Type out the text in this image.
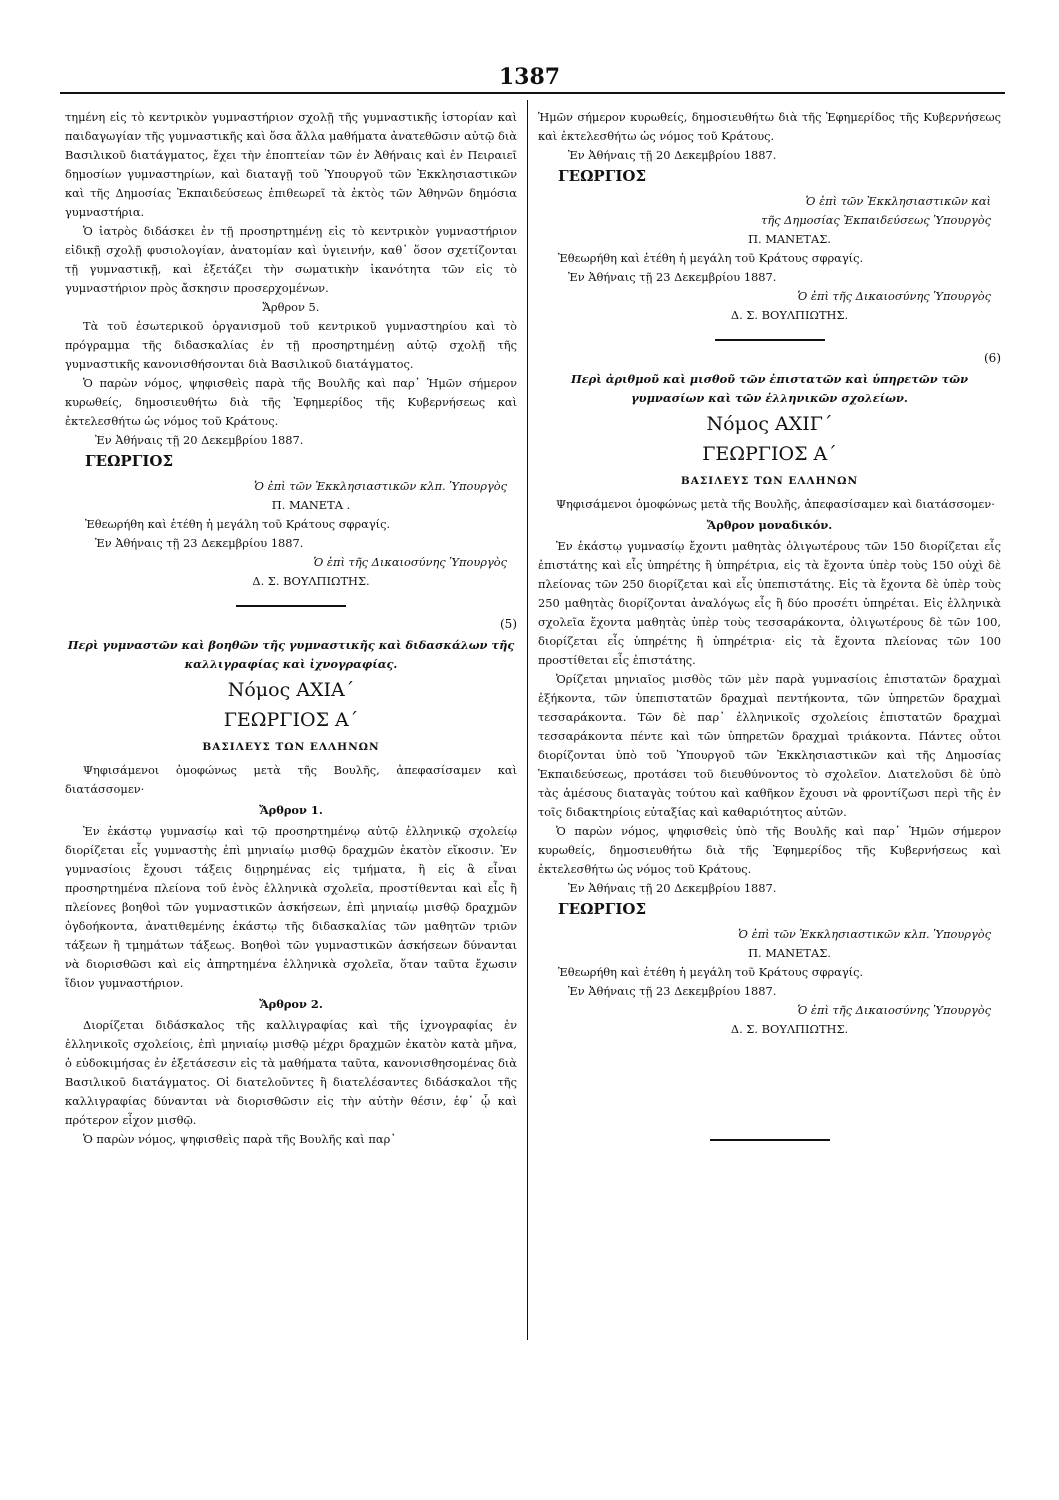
1387

τημένη εἰς τὸ κεντρικὸν γυμναστήριον σχολῇ τῆς γυμναστικῆς ἱστορίαν καὶ παιδαγωγίαν τῆς γυμναστικῆς καὶ ὅσα ἄλλα μαθήματα ἀνατεθῶσιν αὐτῷ διὰ Βασιλικοῦ διατάγματος, ἔχει τὴν ἐποπτείαν τῶν ἐν Ἀθήναις καὶ ἐν Πειραιεῖ δημοσίων γυμναστηρίων, καὶ διαταγῇ τοῦ Ὑπουργοῦ τῶν Ἐκκλησιαστικῶν καὶ τῆς Δημοσίας Ἐκπαιδεύσεως ἐπιθεωρεῖ τὰ ἐκτὸς τῶν Ἀθηνῶν δημόσια γυμναστήρια.

Ὁ ἰατρὸς διδάσκει ἐν τῇ προσηρτημένῃ εἰς τὸ κεντρικὸν γυμναστήριον εἰδικῇ σχολῇ φυσιολογίαν, ἀνατομίαν καὶ ὑγιεινήν, καθ᾽ ὅσον σχετίζονται τῇ γυμναστικῇ, καὶ ἐξετάζει τὴν σωματικὴν ἱκανότητα τῶν εἰς τὸ γυμναστήριον πρὸς ἄσκησιν προσερχομένων.

Ἄρθρον 5.

Τὰ τοῦ ἐσωτερικοῦ ὀργανισμοῦ τοῦ κεντρικοῦ γυμναστηρίου καὶ τὸ πρόγραμμα τῆς διδασκαλίας ἐν τῇ προσηρτημένῃ αὐτῷ σχολῇ τῆς γυμναστικῆς κανονισθήσονται διὰ Βασιλικοῦ διατάγματος.

Ὁ παρὼν νόμος, ψηφισθεὶς παρὰ τῆς Βουλῆς καὶ παρ᾽ Ἡμῶν σήμερον κυρωθείς, δημοσιευθήτω διὰ τῆς Ἐφημερίδος τῆς Κυβερνήσεως καὶ ἐκτελεσθήτω ὡς νόμος τοῦ Κράτους.

Ἐν Ἀθήναις τῇ 20 Δεκεμβρίου 1887.

ΓΕΩΡΓΙΟΣ

Ὁ ἐπὶ τῶν Ἐκκλησιαστικῶν κλπ. Ὑπουργὸς

Π. ΜΑΝΕΤΑ .

Ἐθεωρήθη καὶ ἐτέθη ἡ μεγάλη τοῦ Κράτους σφραγίς.

Ἐν Ἀθήναις τῇ 23 Δεκεμβρίου 1887.

Ὁ ἐπὶ τῆς Δικαιοσύνης Ὑπουργὸς

Δ. Σ. ΒΟΥΛΠΙΩΤΗΣ.

(5)

Περὶ γυμναστῶν καὶ βοηθῶν τῆς γυμναστικῆς καὶ διδασκάλων τῆς καλλιγραφίας καὶ ἰχνογραφίας.

Νόμος ΑΧΙΑ΄

ΓΕΩΡΓΙΟΣ Α΄

ΒΑΣΙΛΕΥΣ ΤΩΝ ΕΛΛΗΝΩΝ

Ψηφισάμενοι ὁμοφώνως μετὰ τῆς Βουλῆς, ἀπεφασίσαμεν καὶ διατάσσομεν·

Ἄρθρον 1.

Ἐν ἑκάστῳ γυμνασίῳ καὶ τῷ προσηρτημένῳ αὐτῷ ἑλληνικῷ σχολείῳ διορίζεται εἷς γυμναστὴς ἐπὶ μηνιαίῳ μισθῷ δραχμῶν ἑκατὸν εἴκοσιν. Ἐν γυμνασίοις ἔχουσι τάξεις διῃρημένας εἰς τμήματα, ἢ εἰς ἃ εἶναι προσηρτημένα πλείονα τοῦ ἑνὸς ἑλληνικὰ σχολεῖα, προστίθενται καὶ εἷς ἢ πλείονες βοηθοὶ τῶν γυμναστικῶν ἀσκήσεων, ἐπὶ μηνιαίῳ μισθῷ δραχμῶν ὀγδοήκοντα, ἀνατιθεμένης ἑκάστῳ τῆς διδασκαλίας τῶν μαθητῶν τριῶν τάξεων ἢ τμημάτων τάξεως. Βοηθοὶ τῶν γυμναστικῶν ἀσκήσεων δύνανται νὰ διορισθῶσι καὶ εἰς ἀπηρτημένα ἑλληνικὰ σχολεῖα, ὅταν ταῦτα ἔχωσιν ἴδιον γυμναστήριον.

Ἄρθρον 2.

Διορίζεται διδάσκαλος τῆς καλλιγραφίας καὶ τῆς ἰχνογραφίας ἐν ἑλληνικοῖς σχολείοις, ἐπὶ μηνιαίῳ μισθῷ μέχρι δραχμῶν ἑκατὸν κατὰ μῆνα, ὁ εὐδοκιμήσας ἐν ἐξετάσεσιν εἰς τὰ μαθήματα ταῦτα, κανονισθησομένας διὰ Βασιλικοῦ διατάγματος. Οἱ διατελοῦντες ἢ διατελέσαντες διδάσκαλοι τῆς καλλιγραφίας δύνανται νὰ διορισθῶσιν εἰς τὴν αὐτὴν θέσιν, ἐφ᾽ ᾧ καὶ πρότερον εἶχον μισθῷ.

Ὁ παρὼν νόμος, ψηφισθεὶς παρὰ τῆς Βουλῆς καὶ παρ᾽

Ἡμῶν σήμερον κυρωθείς, δημοσιευθήτω διὰ τῆς Ἐφημερίδος τῆς Κυβερνήσεως καὶ ἐκτελεσθήτω ὡς νόμος τοῦ Κράτους.

Ἐν Ἀθήναις τῇ 20 Δεκεμβρίου 1887.

ΓΕΩΡΓΙΟΣ

Ὁ ἐπὶ τῶν Ἐκκλησιαστικῶν καὶ

τῆς Δημοσίας Ἐκπαιδεύσεως Ὑπουργὸς

Π. ΜΑΝΕΤΑΣ.

Ἐθεωρήθη καὶ ἐτέθη ἡ μεγάλη τοῦ Κράτους σφραγίς.

Ἐν Ἀθήναις τῇ 23 Δεκεμβρίου 1887.

Ὁ ἐπὶ τῆς Δικαιοσύνης Ὑπουργὸς

Δ. Σ. ΒΟΥΛΠΙΩΤΗΣ.

(6)

Περὶ ἀριθμοῦ καὶ μισθοῦ τῶν ἐπιστατῶν καὶ ὑπηρετῶν τῶν γυμνασίων καὶ τῶν ἑλληνικῶν σχολείων.

Νόμος ΑΧΙΓ΄

ΓΕΩΡΓΙΟΣ Α΄

ΒΑΣΙΛΕΥΣ ΤΩΝ ΕΛΛΗΝΩΝ

Ψηφισάμενοι ὁμοφώνως μετὰ τῆς Βουλῆς, ἀπεφασίσαμεν καὶ διατάσσομεν·

Ἄρθρον μοναδικόν.

Ἐν ἑκάστῳ γυμνασίῳ ἔχοντι μαθητὰς ὀλιγωτέρους τῶν 150 διορίζεται εἷς ἐπιστάτης καὶ εἷς ὑπηρέτης ἢ ὑπηρέτρια, εἰς τὰ ἔχοντα ὑπὲρ τοὺς 150 οὐχὶ δὲ πλείονας τῶν 250 διορίζεται καὶ εἷς ὑπεπιστάτης. Εἰς τὰ ἔχοντα δὲ ὑπὲρ τοὺς 250 μαθητὰς διορίζονται ἀναλόγως εἷς ἢ δύο προσέτι ὑπηρέται. Εἰς ἑλληνικὰ σχολεῖα ἔχοντα μαθητὰς ὑπὲρ τοὺς τεσσαράκοντα, ὀλιγωτέρους δὲ τῶν 100, διορίζεται εἷς ὑπηρέτης ἢ ὑπηρέτρια· εἰς τὰ ἔχοντα πλείονας τῶν 100 προστίθεται εἷς ἐπιστάτης.

Ὁρίζεται μηνιαῖος μισθὸς τῶν μὲν παρὰ γυμνασίοις ἐπιστατῶν δραχμαὶ ἑξήκοντα, τῶν ὑπεπιστατῶν δραχμαὶ πεντήκοντα, τῶν ὑπηρετῶν δραχμαὶ τεσσαράκοντα. Τῶν δὲ παρ᾽ ἑλληνικοῖς σχολείοις ἐπιστατῶν δραχμαὶ τεσσαράκοντα πέντε καὶ τῶν ὑπηρετῶν δραχμαὶ τριάκοντα. Πάντες οὗτοι διορίζονται ὑπὸ τοῦ Ὑπουργοῦ τῶν Ἐκκλησιαστικῶν καὶ τῆς Δημοσίας Ἐκπαιδεύσεως, προτάσει τοῦ διευθύνοντος τὸ σχολεῖον. Διατελοῦσι δὲ ὑπὸ τὰς ἀμέσους διαταγὰς τούτου καὶ καθῆκον ἔχουσι νὰ φροντίζωσι περὶ τῆς ἐν τοῖς διδακτηρίοις εὐταξίας καὶ καθαριότητος αὐτῶν.

Ὁ παρὼν νόμος, ψηφισθεὶς ὑπὸ τῆς Βουλῆς καὶ παρ᾽ Ἡμῶν σήμερον κυρωθείς, δημοσιευθήτω διὰ τῆς Ἐφημερίδος τῆς Κυβερνήσεως καὶ ἐκτελεσθήτω ὡς νόμος τοῦ Κράτους.

Ἐν Ἀθήναις τῇ 20 Δεκεμβρίου 1887.

ΓΕΩΡΓΙΟΣ

Ὁ ἐπὶ τῶν Ἐκκλησιαστικῶν κλπ. Ὑπουργὸς

Π. ΜΑΝΕΤΑΣ.

Ἐθεωρήθη καὶ ἐτέθη ἡ μεγάλη τοῦ Κράτους σφραγίς.

Ἐν Ἀθήναις τῇ 23 Δεκεμβρίου 1887.

Ὁ ἐπὶ τῆς Δικαιοσύνης Ὑπουργὸς

Δ. Σ. ΒΟΥΛΠΙΩΤΗΣ.
